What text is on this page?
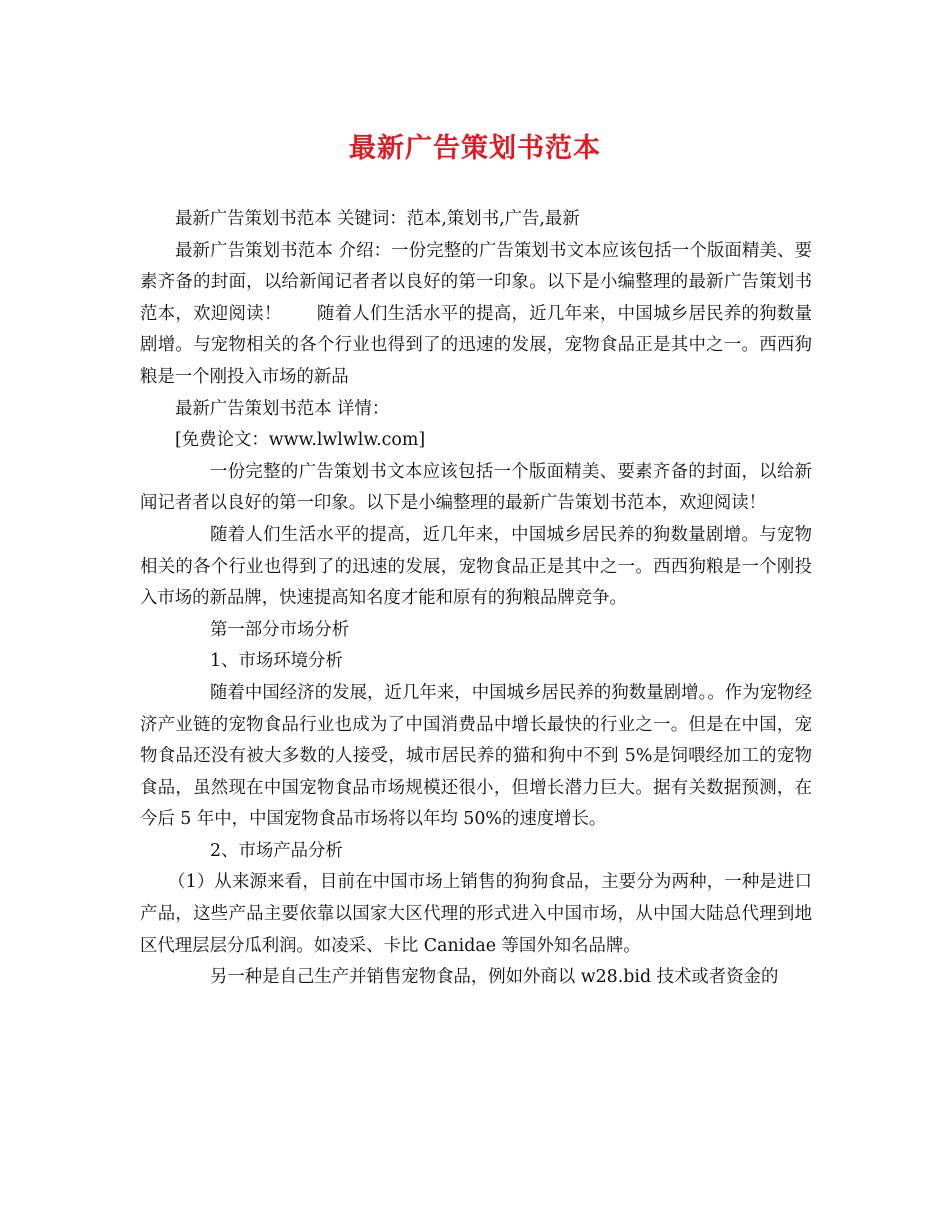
最新广告策划书范本

最新广告策划书范本 关键词：范本,策划书,广告,最新

最新广告策划书范本 介绍：一份完整的广告策划书文本应该包括一个版面精美、要素齐备的封面，以给新闻记者者以良好的第一印象。以下是小编整理的最新广告策划书范本，欢迎阅读！　　随着人们生活水平的提高，近几年来，中国城乡居民养的狗数量剧增。与宠物相关的各个行业也得到了的迅速的发展，宠物食品正是其中之一。西西狗粮是一个刚投入市场的新品

最新广告策划书范本 详情：

[免费论文：www.lwlwlw.com]

一份完整的广告策划书文本应该包括一个版面精美、要素齐备的封面，以给新闻记者者以良好的第一印象。以下是小编整理的最新广告策划书范本，欢迎阅读！

随着人们生活水平的提高，近几年来，中国城乡居民养的狗数量剧增。与宠物相关的各个行业也得到了的迅速的发展，宠物食品正是其中之一。西西狗粮是一个刚投入市场的新品牌，快速提高知名度才能和原有的狗粮品牌竞争。

第一部分市场分析

1、市场环境分析

随着中国经济的发展，近几年来，中国城乡居民养的狗数量剧增。。作为宠物经济产业链的宠物食品行业也成为了中国消费品中增长最快的行业之一。但是在中国，宠物食品还没有被大多数的人接受，城市居民养的猫和狗中不到 5%是饲喂经加工的宠物食品，虽然现在中国宠物食品市场规模还很小，但增长潜力巨大。据有关数据预测，在今后 5 年中，中国宠物食品市场将以年均 50%的速度增长。

2、市场产品分析

（1）从来源来看，目前在中国市场上销售的狗狗食品，主要分为两种，一种是进口产品，这些产品主要依靠以国家大区代理的形式进入中国市场，从中国大陆总代理到地区代理层层分瓜利润。如凌采、卡比 Canidae 等国外知名品牌。

另一种是自己生产并销售宠物食品，例如外商以 w28.bid 技术或者资金的
